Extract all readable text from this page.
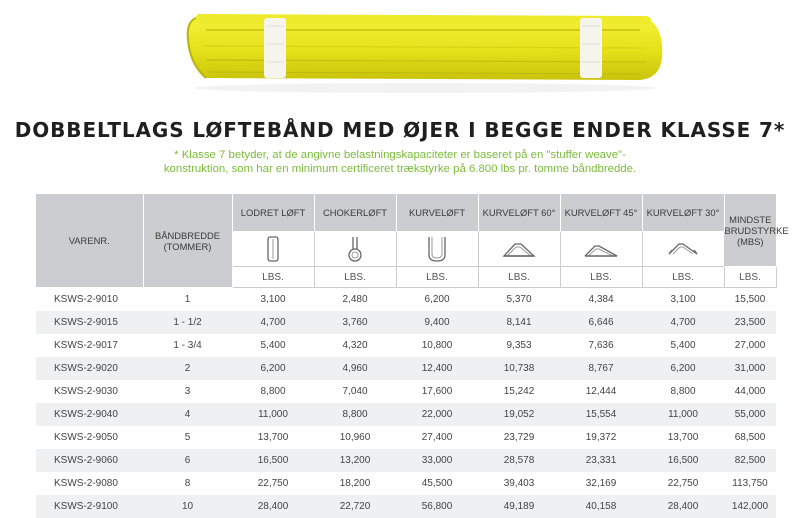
DOBBELTLAGS LØFTEBÅND MED ØJER I BEGGE ENDER KLASSE 7*
* Klasse 7 betyder, at de angivne belastningskapaciteter er baseret på en "stuffer weave"-
konstruktion, som har en minimum certificeret trækstyrke på 6.800 lbs pr. tomme båndbredde.
VARENR.	BÅNDBREDDE (TOMMER)	LODRET LØFT	CHOKERLØFT	KURVELØFT	KURVELØFT 60°	KURVELØFT 45°	KURVELØFT 30°	MINDSTE BRUDSTYRKE (MBS)

		LBS.	LBS.	LBS.	LBS.	LBS.	LBS.	LBS.
KSWS-2-9010	1	3,100	2,480	6,200	5,370	4,384	3,100	15,500
KSWS-2-9015	1 - 1/2	4,700	3,760	9,400	8,141	6,646	4,700	23,500
KSWS-2-9017	1 - 3/4	5,400	4,320	10,800	9,353	7,636	5,400	27,000
KSWS-2-9020	2	6,200	4,960	12,400	10,738	8,767	6,200	31,000
KSWS-2-9030	3	8,800	7,040	17,600	15,242	12,444	8,800	44,000
KSWS-2-9040	4	11,000	8,800	22,000	19,052	15,554	11,000	55,000
KSWS-2-9050	5	13,700	10,960	27,400	23,729	19,372	13,700	68,500
KSWS-2-9060	6	16,500	13,200	33,000	28,578	23,331	16,500	82,500
KSWS-2-9080	8	22,750	18,200	45,500	39,403	32,169	22,750	113,750
KSWS-2-9100	10	28,400	22,720	56,800	49,189	40,158	28,400	142,000
